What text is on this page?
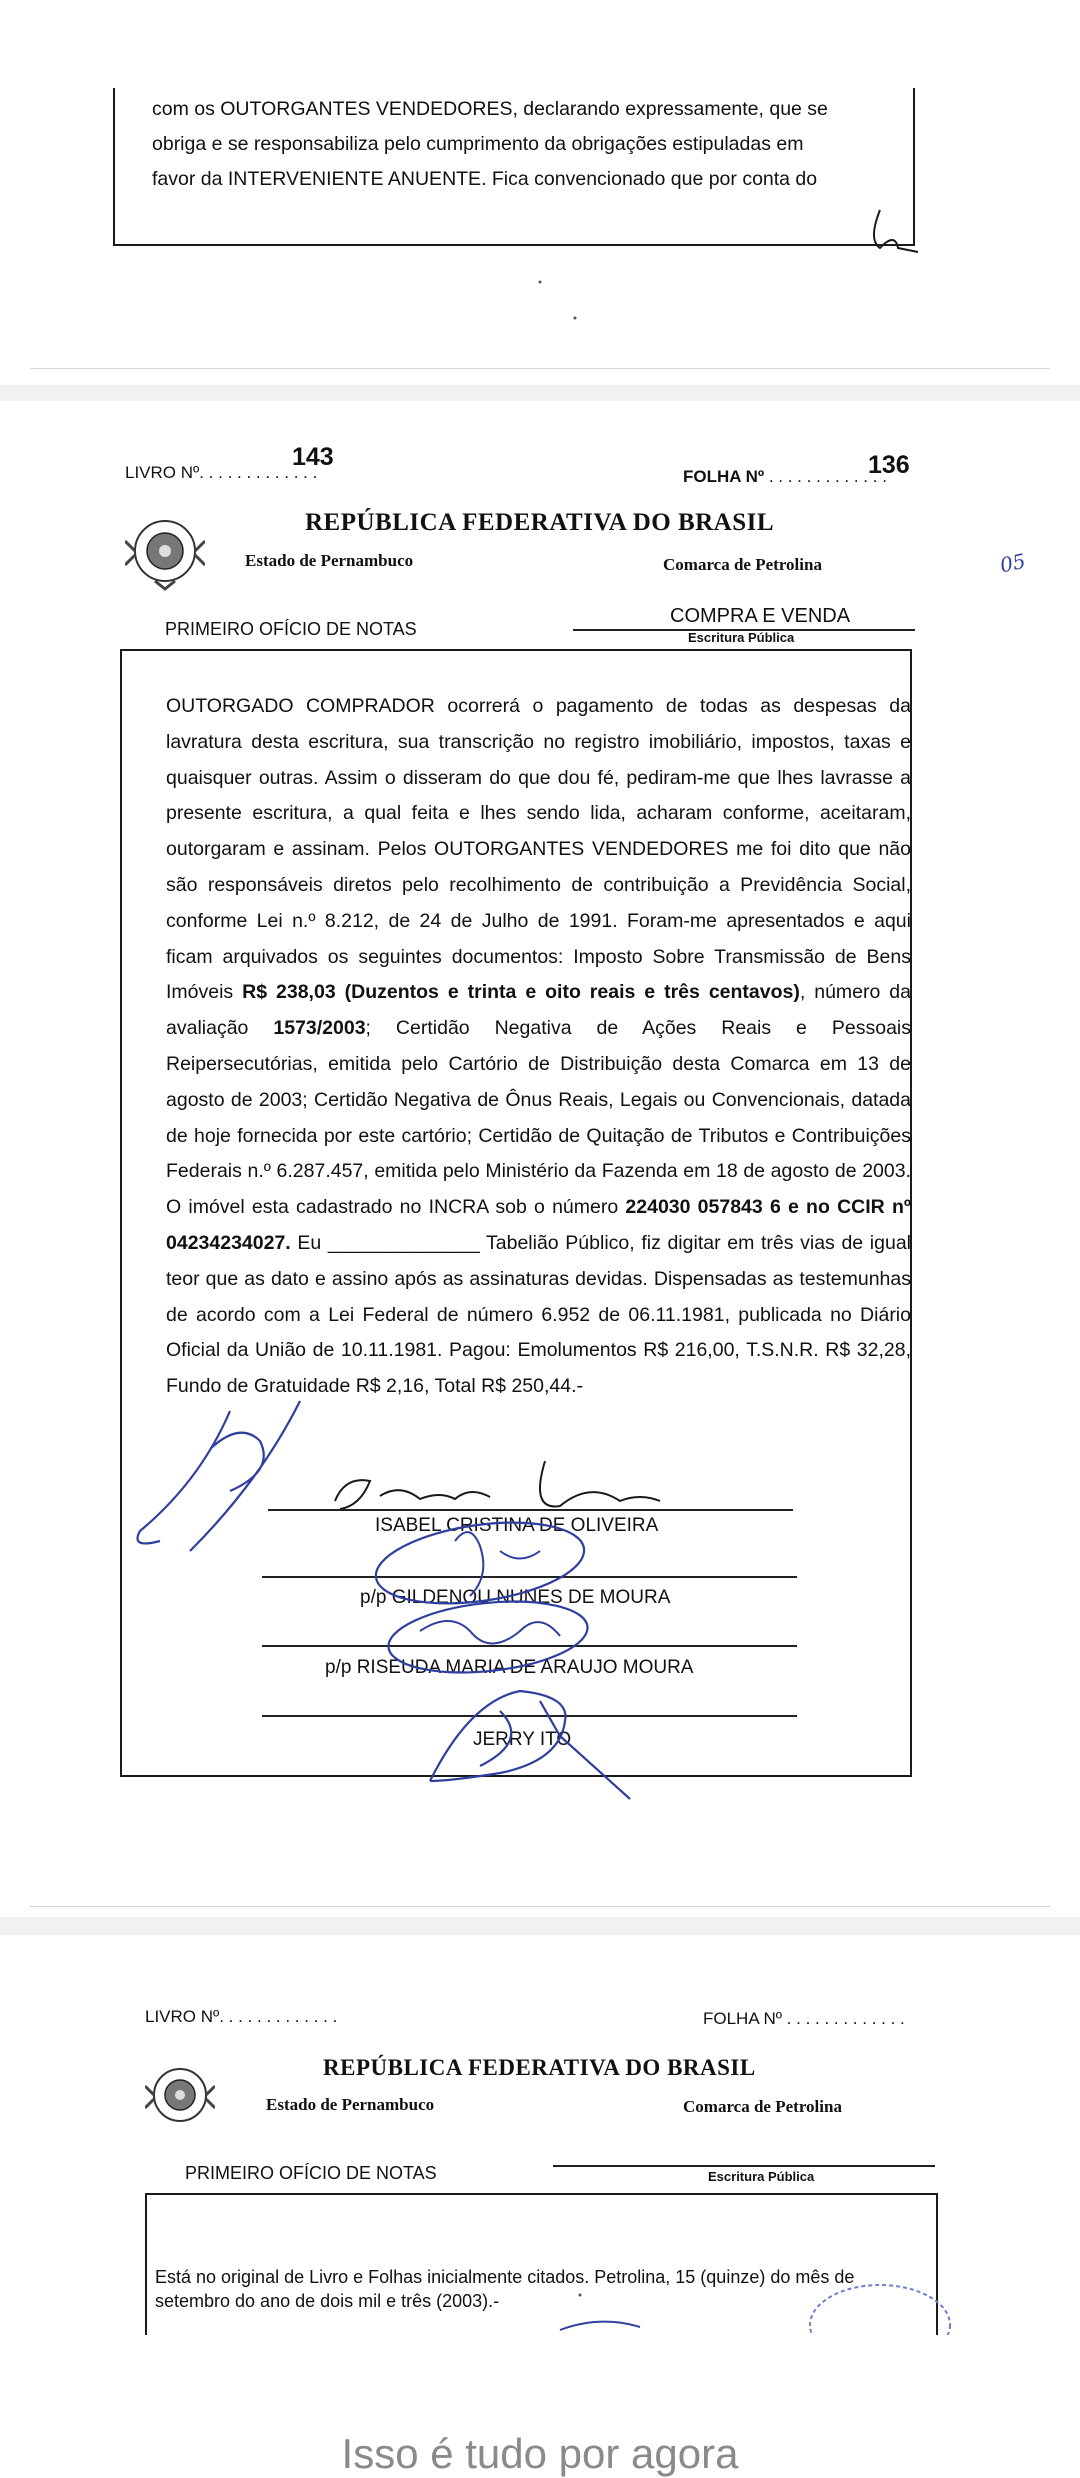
com os OUTORGANTES VENDEDORES, declarando expressamente, que se
obriga e se responsabiliza pelo cumprimento da obrigações estipuladas em
favor da INTERVENIENTE ANUENTE. Fica convencionado que por conta do
LIVRO Nº. . . . . . . . . . . . .
143
FOLHA Nº . . . . . . . . . . . . .
136
REPÚBLICA FEDERATIVA DO BRASIL
Estado de Pernambuco	Comarca de Petrolina
PRIMEIRO OFÍCIO DE NOTAS
COMPRA E VENDA
Escritura Pública
05
OUTORGADO COMPRADOR ocorrerá o pagamento de todas as despesas da lavratura desta escritura, sua transcrição no registro imobiliário, impostos, taxas e quaisquer outras. Assim o disseram do que dou fé, pediram-me que lhes lavrasse a presente escritura, a qual feita e lhes sendo lida, acharam conforme, aceitaram, outorgaram e assinam. Pelos OUTORGANTES VENDEDORES me foi dito que não são responsáveis diretos pelo recolhimento de contribuição a Previdência Social, conforme Lei n.º 8.212, de 24 de Julho de 1991. Foram-me apresentados e aqui ficam arquivados os seguintes documentos: Imposto Sobre Transmissão de Bens Imóveis R$ 238,03 (Duzentos e trinta e oito reais e três centavos), número da avaliação 1573/2003; Certidão Negativa de Ações Reais e Pessoais Reipersecutórias, emitida pelo Cartório de Distribuição desta Comarca em 13 de agosto de 2003; Certidão Negativa de Ônus Reais, Legais ou Convencionais, datada de hoje fornecida por este cartório; Certidão de Quitação de Tributos e Contribuições Federais n.º 6.287.457, emitida pelo Ministério da Fazenda em 18 de agosto de 2003. O imóvel esta cadastrado no INCRA sob o número 224030 057843 6 e no CCIR nº 04234234027. Eu ______________ Tabelião Público, fiz digitar em três vias de igual teor que as dato e assino após as assinaturas devidas. Dispensadas as testemunhas de acordo com a Lei Federal de número 6.952 de 06.11.1981, publicada no Diário Oficial da União de 10.11.1981. Pagou: Emolumentos R$ 216,00, T.S.N.R. R$ 32,28, Fundo de Gratuidade R$ 2,16, Total R$ 250,44.-
ISABEL CRISTINA DE OLIVEIRA
p/p GILDENOU NUNES DE MOURA
p/p RISEUDA MARIA DE ARAUJO MOURA
JERRY ITO
LIVRO Nº. . . . . . . . . . . . .	FOLHA Nº . . . . . . . . . . . . .
REPÚBLICA FEDERATIVA DO BRASIL
Estado de Pernambuco	Comarca de Petrolina
PRIMEIRO OFÍCIO DE NOTAS	Escritura Pública
Está no original de Livro e Folhas inicialmente citados. Petrolina, 15 (quinze) do mês de setembro do ano de dois mil e três (2003).-
Isso é tudo por agora
